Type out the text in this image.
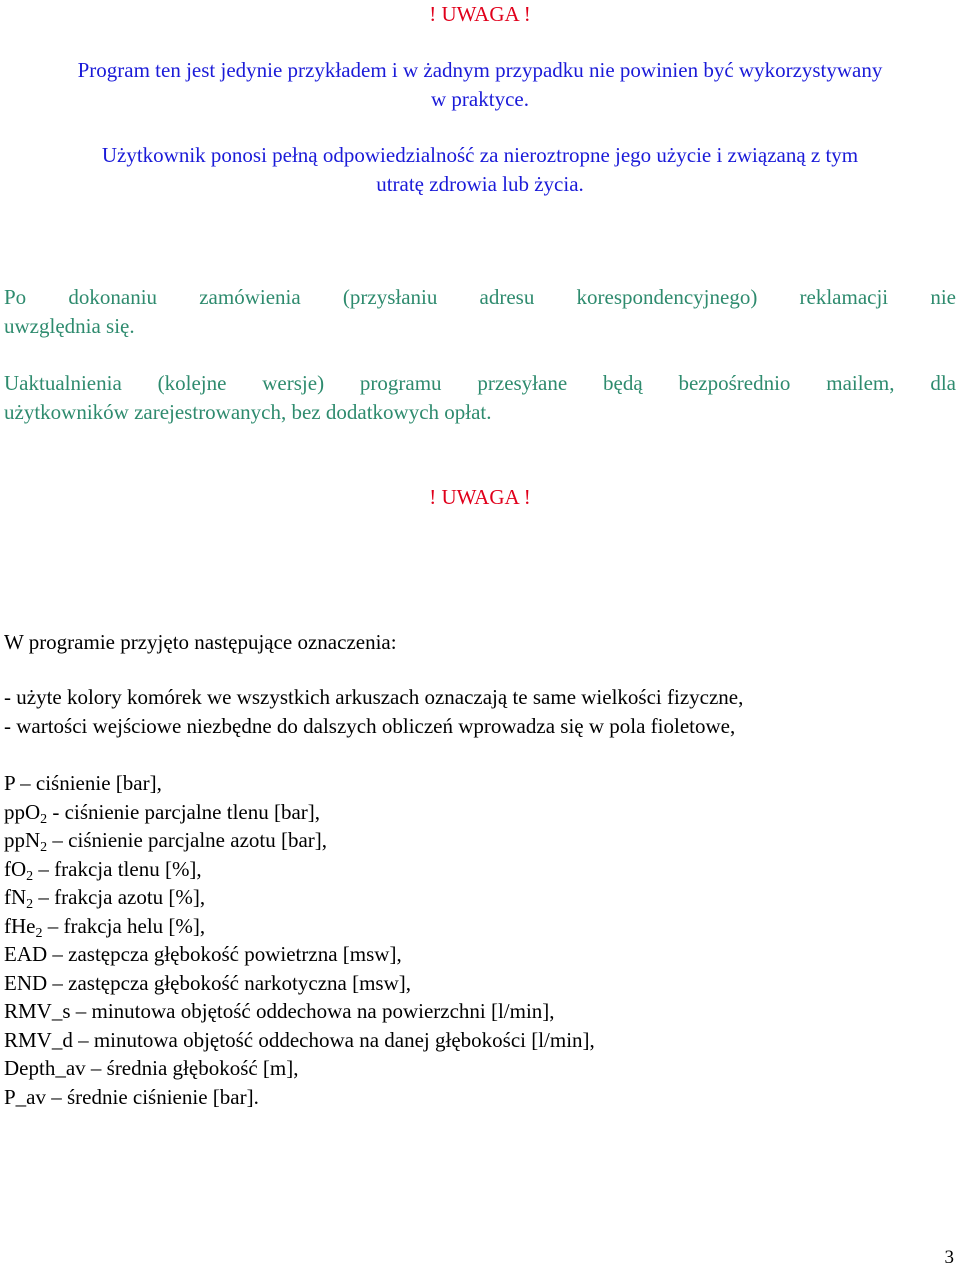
! UWAGA !
Program ten jest jedynie przykładem i w żadnym przypadku nie powinien być wykorzystywany
w praktyce.
Użytkownik ponosi pełną odpowiedzialność za nieroztropne jego użycie i związaną z tym
utratę zdrowia lub życia.
Po dokonaniu zamówienia (przysłaniu adresu korespondencyjnego) reklamacji nie
uwzględnia się.
Uaktualnienia (kolejne wersje) programu przesyłane będą bezpośrednio mailem, dla
użytkowników zarejestrowanych, bez dodatkowych opłat.
! UWAGA !
W programie przyjęto następujące oznaczenia:
- użyte kolory komórek we wszystkich arkuszach oznaczają te same wielkości fizyczne,
- wartości wejściowe niezbędne do dalszych obliczeń wprowadza się w pola fioletowe,
P – ciśnienie [bar],
ppO$_2$ - ciśnienie parcjalne tlenu [bar],
ppN$_2$ – ciśnienie parcjalne azotu [bar],
$fO_2$ – frakcja tlenu [%],
$fN_2$ – frakcja azotu [%],
fHe$_2$ – frakcja helu [%],
EAD – zastępcza głębokość powietrzna [msw],
END – zastępcza głębokość narkotyczna [msw],
RMV_s – minutowa objętość oddechowa na powierzchni [l/min],
RMV_d – minutowa objętość oddechowa na danej głębokości [l/min],
Depth_av – średnia głębokość [m],
P_av – średnie ciśnienie [bar].
3
